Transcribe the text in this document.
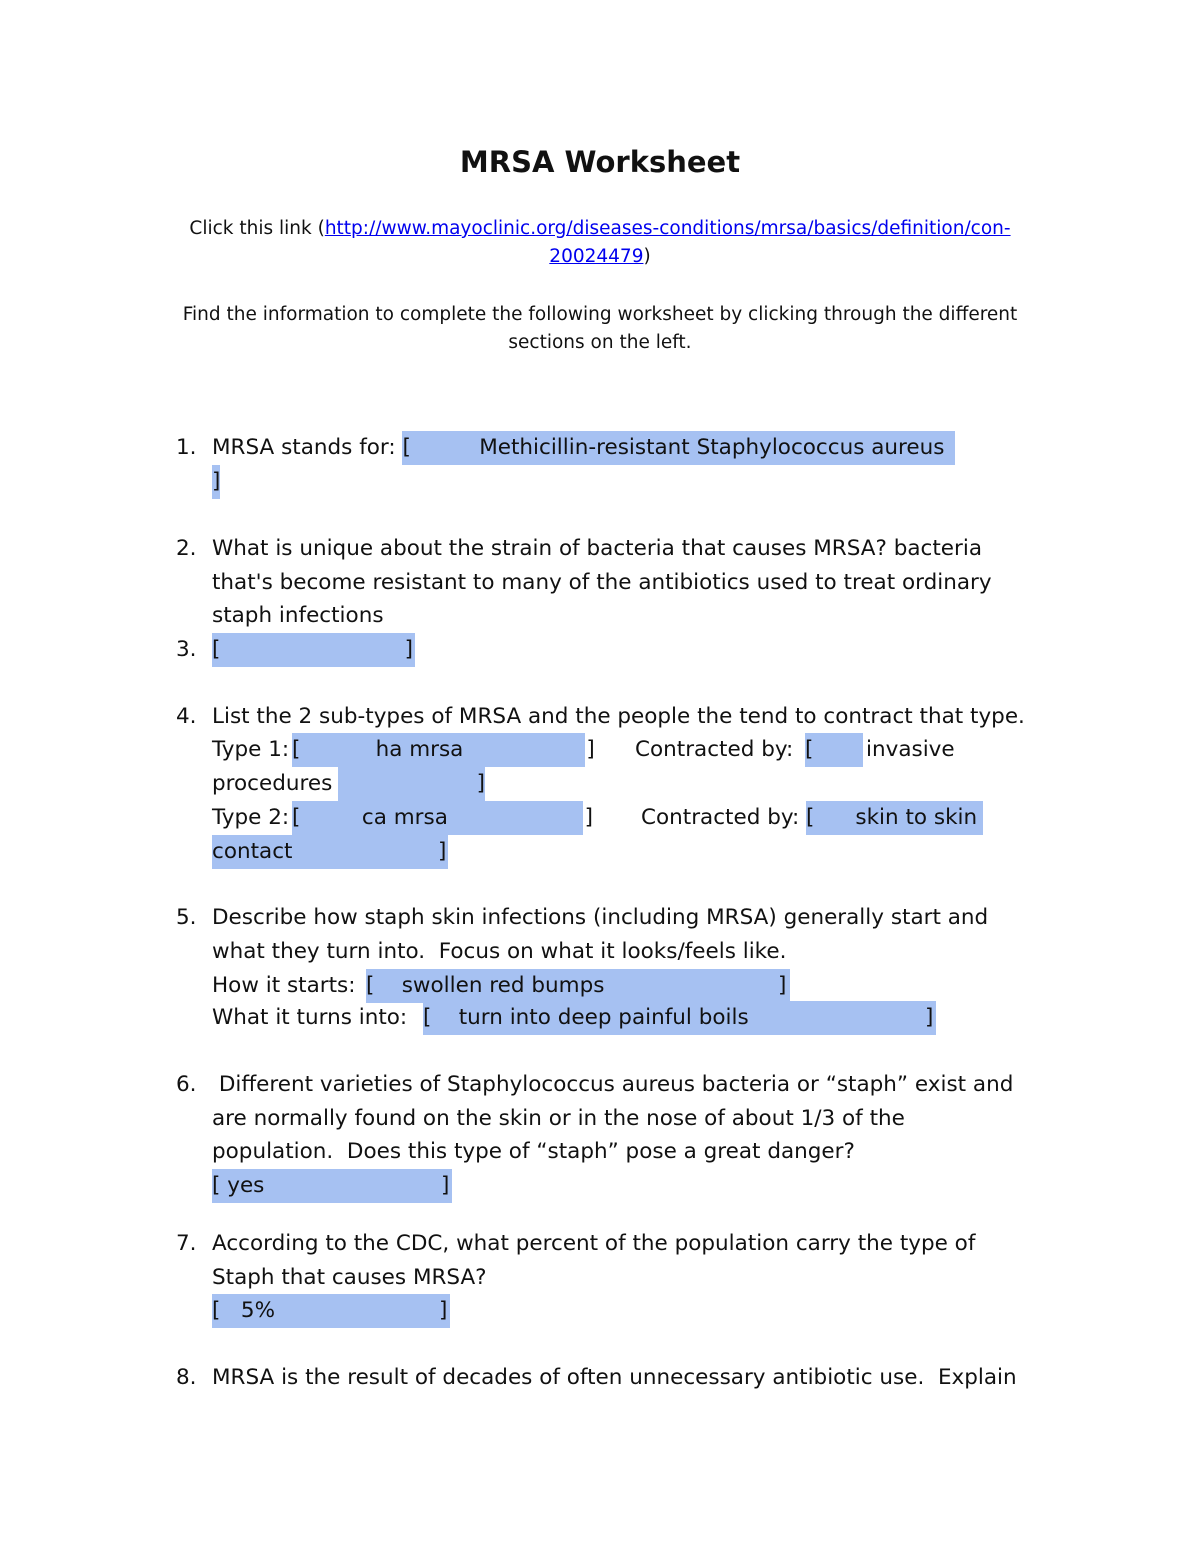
MRSA Worksheet
Click this link (http://www.mayoclinic.org/diseases-conditions/mrsa/basics/definition/con-
20024479)
Find the information to complete the following worksheet by clicking through the different
sections on the left.
1. MRSA stands for: [          Methicillin-resistant Staphylococcus aureus
]
2. What is unique about the strain of bacteria that causes MRSA? bacteria
that's become resistant to many of the antibiotics used to treat ordinary
staph infections
3. [	]
4. List the 2 sub-types of MRSA and the people the tend to contract that type.
Type 1: [           ha mrsa                  ] Contracted by: [	invasive
procedures	]
Type 2: [         ca mrsa                    ] Contracted by: [      skin to skin
contact	]
5. Describe how staph skin infections (including MRSA) generally start and
what they turn into.  Focus on what it looks/feels like.
How it starts: [    swollen red bumps	]
What it turns into: [    turn into deep painful boils	]
6. Different varieties of Staphylococcus aureus bacteria or “staph” exist and
are normally found on the skin or in the nose of about 1/3 of the
population.  Does this type of “staph” pose a great danger?
[ yes	]
7. According to the CDC, what percent of the population carry the type of
Staph that causes MRSA?
[   5%	]
8. MRSA is the result of decades of often unnecessary antibiotic use.  Explain
